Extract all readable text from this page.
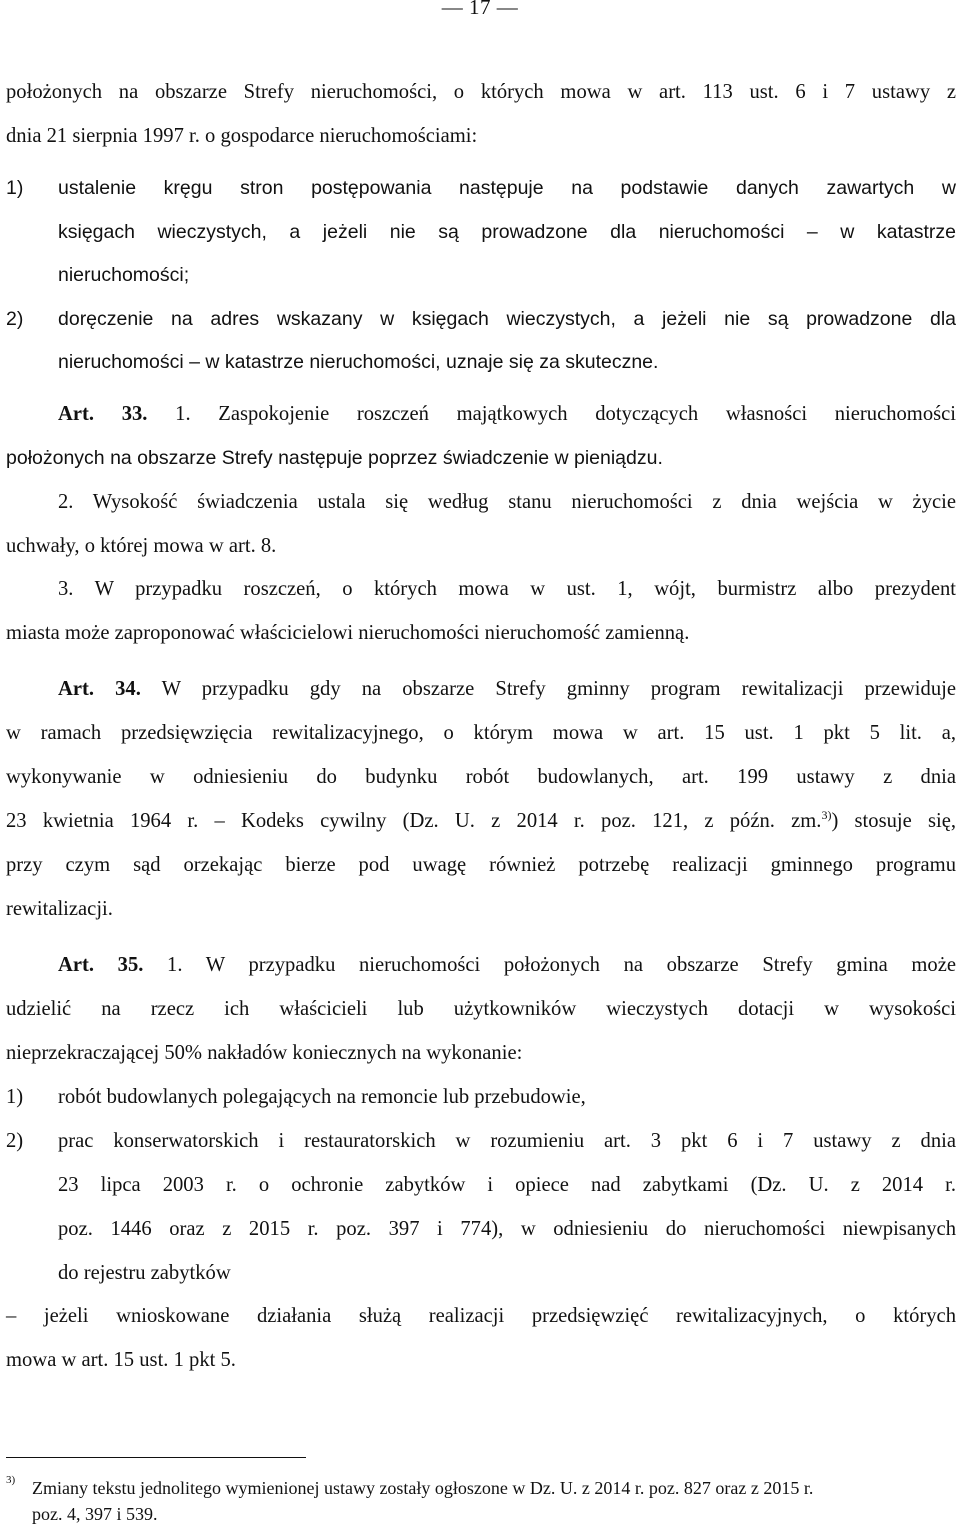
— 17 —
położonych na obszarze Strefy nieruchomości, o których mowa w art. 113 ust. 6 i 7 ustawy z
dnia 21 sierpnia 1997 r. o gospodarce nieruchomościami:
1) ustalenie kręgu stron postępowania następuje na podstawie danych zawartych w
księgach wieczystych, a jeżeli nie są prowadzone dla nieruchomości – w katastrze
nieruchomości;
2) doręczenie na adres wskazany w księgach wieczystych, a jeżeli nie są prowadzone dla
nieruchomości – w katastrze nieruchomości, uznaje się za skuteczne.
Art. 33. 1. Zaspokojenie roszczeń majątkowych dotyczących własności nieruchomości
położonych na obszarze Strefy następuje poprzez świadczenie w pieniądzu.
2. Wysokość świadczenia ustala się według stanu nieruchomości z dnia wejścia w życie
uchwały, o której mowa w art. 8.
3. W przypadku roszczeń, o których mowa w ust. 1, wójt, burmistrz albo prezydent
miasta może zaproponować właścicielowi nieruchomości nieruchomość zamienną.
Art. 34. W przypadku gdy na obszarze Strefy gminny program rewitalizacji przewiduje
w ramach przedsięwzięcia rewitalizacyjnego, o którym mowa w art. 15 ust. 1 pkt 5 lit. a,
wykonywanie w odniesieniu do budynku robót budowlanych, art. 199 ustawy z dnia
23 kwietnia 1964 r. – Kodeks cywilny (Dz. U. z 2014 r. poz. 121, z późn. zm.$^{3)}$) stosuje się,
przy czym sąd orzekając bierze pod uwagę również potrzebę realizacji gminnego programu
rewitalizacji.
Art. 35. 1. W przypadku nieruchomości położonych na obszarze Strefy gmina może
udzielić na rzecz ich właścicieli lub użytkowników wieczystych dotacji w wysokości
nieprzekraczającej 50% nakładów koniecznych na wykonanie:
1) robót budowlanych polegających na remoncie lub przebudowie,
2) prac konserwatorskich i restauratorskich w rozumieniu art. 3 pkt 6 i 7 ustawy z dnia
23 lipca 2003 r. o ochronie zabytków i opiece nad zabytkami (Dz. U. z 2014 r.
poz. 1446 oraz z 2015 r. poz. 397 i 774), w odniesieniu do nieruchomości niewpisanych
do rejestru zabytków
– jeżeli wnioskowane działania służą realizacji przedsięwzięć rewitalizacyjnych, o których
mowa w art. 15 ust. 1 pkt 5.
3) Zmiany tekstu jednolitego wymienionej ustawy zostały ogłoszone w Dz. U. z 2014 r. poz. 827 oraz z 2015 r.
poz. 4, 397 i 539.
